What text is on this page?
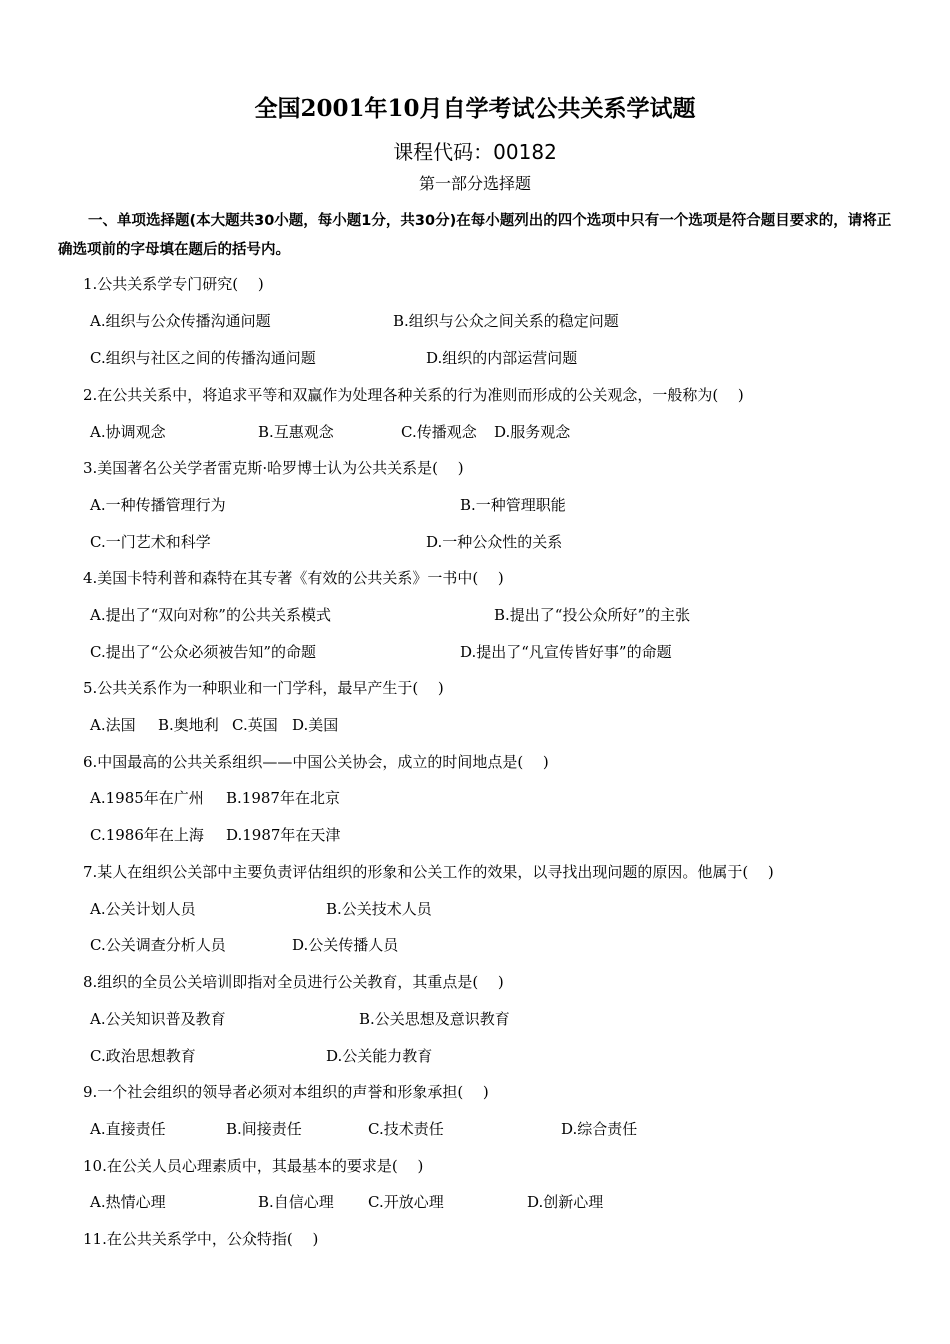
全国2001年10月自学考试公共关系学试题
课程代码：00182
第一部分选择题
一、单项选择题(本大题共30小题，每小题1分，共30分)在每小题列出的四个选项中只有一个选项是符合题目要求的，请将正确选项前的字母填在题后的括号内。
1.公共关系学专门研究(　 )
A.组织与公众传播沟通问题	B.组织与公众之间关系的稳定问题
C.组织与社区之间的传播沟通问题	D.组织的内部运营问题
2.在公共关系中，将追求平等和双赢作为处理各种关系的行为准则而形成的公关观念，一般称为(　 )
A.协调观念	B.互惠观念	C.传播观念 D.服务观念
3.美国著名公关学者雷克斯·哈罗博士认为公共关系是(　 )
A.一种传播管理行为	B.一种管理职能
C.一门艺术和科学	D.一种公众性的关系
4.美国卡特利普和森特在其专著《有效的公共关系》一书中(　 )
A.提出了“双向对称”的公共关系模式	B.提出了“投公众所好”的主张
C.提出了“公众必须被告知”的命题	D.提出了“凡宣传皆好事”的命题
5.公共关系作为一种职业和一门学科，最早产生于(　 )
A.法国 B.奥地利 C.英国 D.美国
6.中国最高的公共关系组织——中国公关协会，成立的时间地点是(　 )
A.1985年在广州 B.1987年在北京
C.1986年在上海 D.1987年在天津
7.某人在组织公关部中主要负责评估组织的形象和公关工作的效果，以寻找出现问题的原因。他属于(　 )
A.公关计划人员	B.公关技术人员
C.公关调查分析人员	D.公关传播人员
8.组织的全员公关培训即指对全员进行公关教育，其重点是(　 )
A.公关知识普及教育	B.公关思想及意识教育
C.政治思想教育	D.公关能力教育
9.一个社会组织的领导者必须对本组织的声誉和形象承担(　 )
A.直接责任	B.间接责任	C.技术责任	D.综合责任
10.在公关人员心理素质中，其最基本的要求是(　 )
A.热情心理	B.自信心理 C.开放心理	D.创新心理
11.在公共关系学中，公众特指(　 )
